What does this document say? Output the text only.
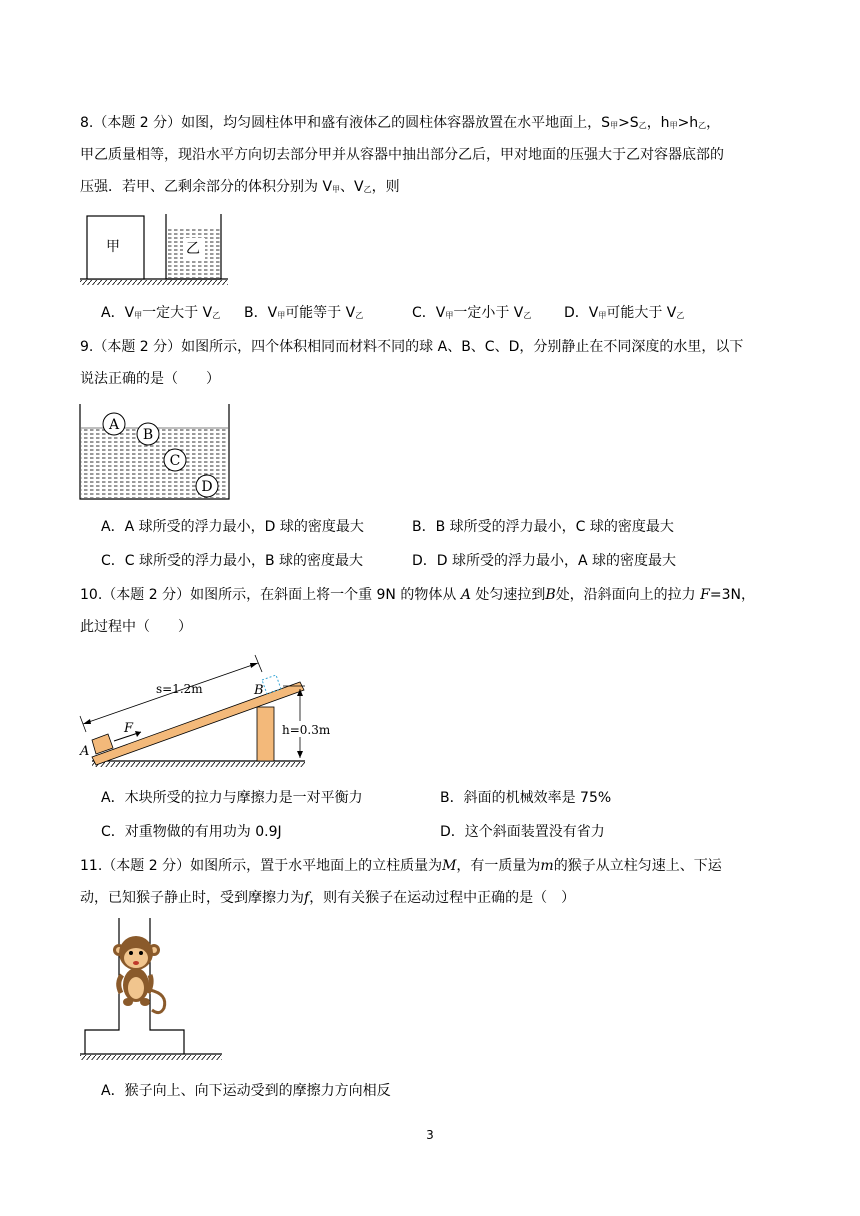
8.（本题 2 分）如图，均匀圆柱体甲和盛有液体乙的圆柱体容器放置在水平地面上，S甲>S乙，h甲>h乙，
甲乙质量相等，现沿水平方向切去部分甲并从容器中抽出部分乙后，甲对地面的压强大于乙对容器底部的
压强．若甲、乙剩余部分的体积分别为 V甲、V乙，则
甲	乙
A．V甲一定大于 V乙 B．V甲可能等于 V乙	C．V甲一定小于 V乙 D．V甲可能大于 V乙
9.（本题 2 分）如图所示，四个体积相同而材料不同的球 A、B、C、D，分别静止在不同深度的水里，以下
说法正确的是（　　）
A
B
C
D
A．A 球所受的浮力最小，D 球的密度最大	B．B 球所受的浮力最小，C 球的密度最大
C．C 球所受的浮力最小，B 球的密度最大	D．D 球所受的浮力最小，A 球的密度最大
10.（本题 2 分）如图所示，在斜面上将一个重 9N 的物体从 A 处匀速拉到B处，沿斜面向上的拉力 F=3N，
此过程中（　　）
s=1.2m
h=0.3m
B
A
F
A．木块所受的拉力与摩擦力是一对平衡力	B．斜面的机械效率是 75%
C．对重物做的有用功为 0.9J	D．这个斜面装置没有省力
11.（本题 2 分）如图所示，置于水平地面上的立柱质量为M，有一质量为m的猴子从立柱匀速上、下运
动，已知猴子静止时，受到摩擦力为f，则有关猴子在运动过程中正确的是（　）
A．猴子向上、向下运动受到的摩擦力方向相反
3
